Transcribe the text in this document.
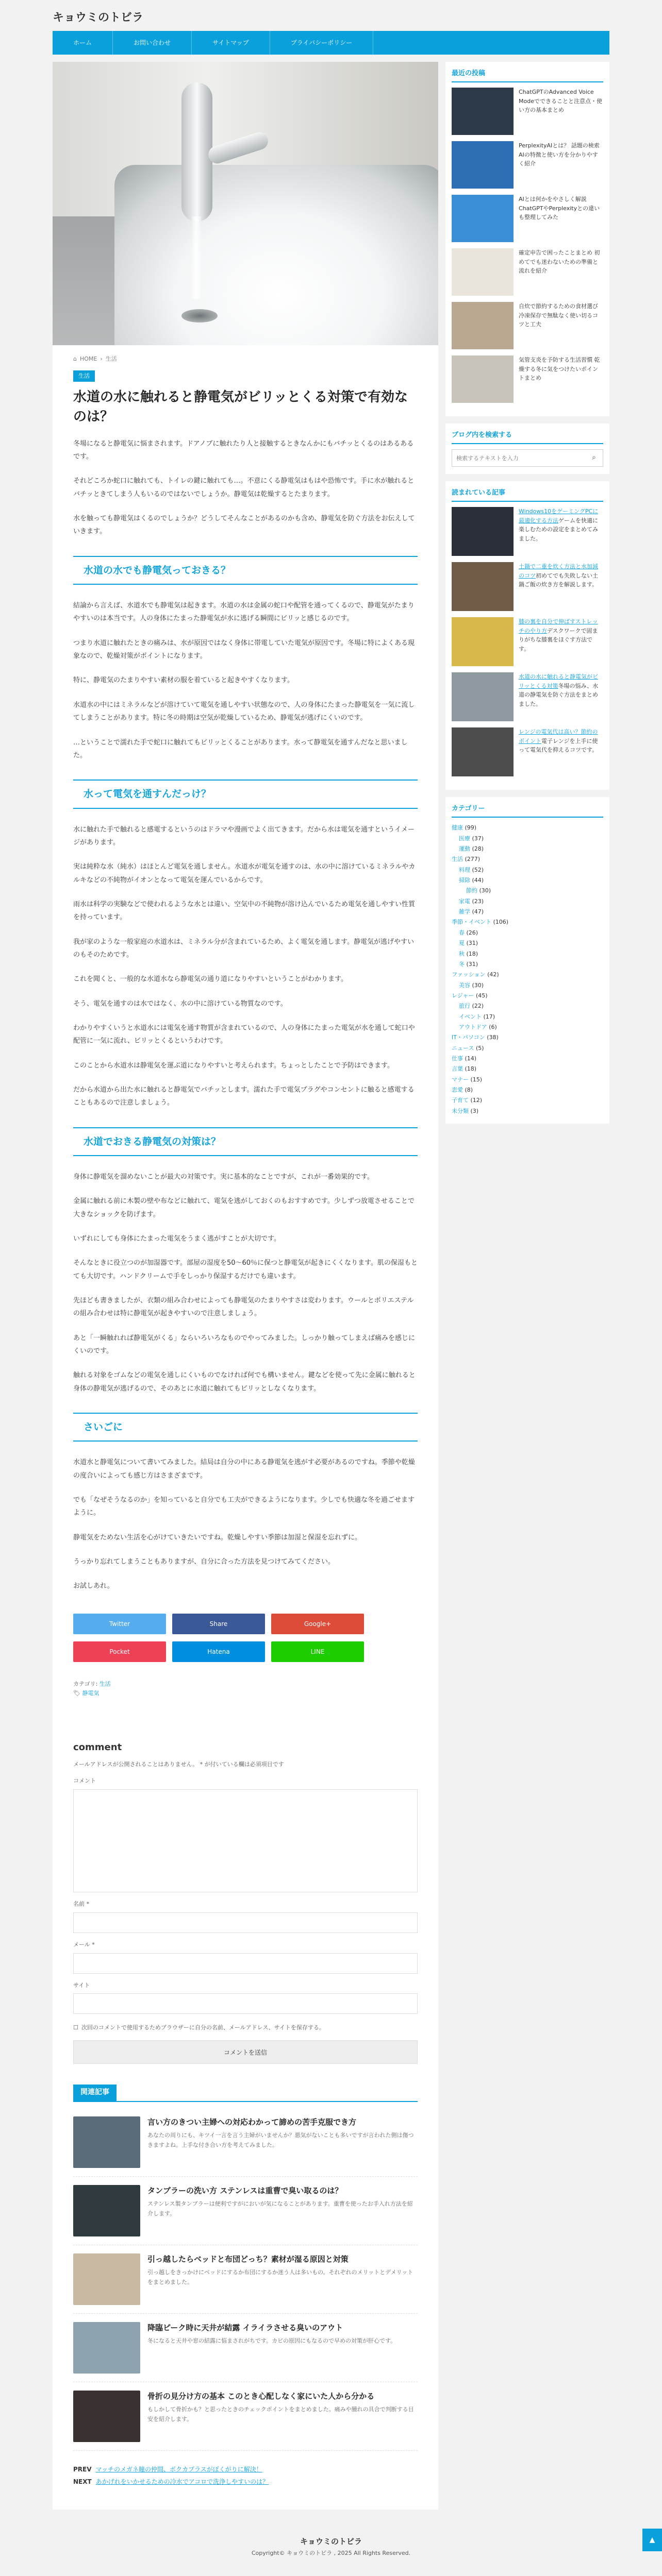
キョウミのトビラ
ホーム	お問い合わせ	サイトマップ	プライバシーポリシー
⌂ HOME › 生活
生活
水道の水に触れると静電気がビリッとくる対策で有効なのは？

冬場になると静電気に悩まされます。ドアノブに触れたり人と接触するときなんかにもバチッとくるのはあるあるです。

それどころか蛇口に触れても、トイレの鍵に触れても…。不意にくる静電気はもはや恐怖です。手に水が触れるとバチッときてしまう人もいるのではないでしょうか。静電気は乾燥するとたまります。

水を触っても静電気はくるのでしょうか？どうしてそんなことがあるのかも含め、静電気を防ぐ方法をお伝えしていきます。

水道の水でも静電気っておきる？

結論から言えば、水道水でも静電気は起きます。水道の水は金属の蛇口や配管を通ってくるので、静電気がたまりやすいのは本当です。人の身体にたまった静電気が水に逃げる瞬間にビリッと感じるのです。

つまり水道に触れたときの痛みは、水が原因ではなく身体に帯電していた電気が原因です。冬場に特によくある現象なので、乾燥対策がポイントになります。

特に、静電気のたまりやすい素材の服を着ていると起きやすくなります。

水道水の中にはミネラルなどが溶けていて電気を通しやすい状態なので、人の身体にたまった静電気を一気に流してしまうことがあります。特に冬の時期は空気が乾燥しているため、静電気が逃げにくいのです。

…ということで濡れた手で蛇口に触れてもビリッとくることがあります。水って静電気を通すんだなと思いました。

水って電気を通すんだっけ？

水に触れた手で触れると感電するというのはドラマや漫画でよく出てきます。だから水は電気を通すというイメージがあります。

実は純粋な水（純水）はほとんど電気を通しません。水道水が電気を通すのは、水の中に溶けているミネラルやカルキなどの不純物がイオンとなって電気を運んでいるからです。

雨水は科学の実験などで使われるような水とは違い、空気中の不純物が溶け込んでいるため電気を通しやすい性質を持っています。

我が家のような一般家庭の水道水は、ミネラル分が含まれているため、よく電気を通します。静電気が逃げやすいのもそのためです。

これを聞くと、一般的な水道水なら静電気の通り道になりやすいということがわかります。

そう、電気を通すのは水ではなく、水の中に溶けている物質なのです。

わかりやすくいうと水道水には電気を通す物質が含まれているので、人の身体にたまった電気が水を通して蛇口や配管に一気に流れ、ビリッとくるというわけです。

このことから水道水は静電気を運ぶ道になりやすいと考えられます。ちょっとしたことで予防はできます。

だから水道から出た水に触れると静電気でバチッとします。濡れた手で電気プラグやコンセントに触ると感電することもあるので注意しましょう。

水道でおきる静電気の対策は？

身体に静電気を溜めないことが最大の対策です。実に基本的なことですが、これが一番効果的です。

金属に触れる前に木製の壁や布などに触れて、電気を逃がしておくのもおすすめです。少しずつ放電させることで大きなショックを防げます。

いずれにしても身体にたまった電気をうまく逃がすことが大切です。

そんなときに役立つのが加湿器です。部屋の湿度を50〜60％に保つと静電気が起きにくくなります。肌の保湿もとても大切です。ハンドクリームで手をしっかり保湿するだけでも違います。

先ほども書きましたが、衣類の組み合わせによっても静電気のたまりやすさは変わります。ウールとポリエステルの組み合わせは特に静電気が起きやすいので注意しましょう。

あと「一瞬触れれば静電気がくる」ならいろいろなものでやってみました。しっかり触ってしまえば痛みを感じにくいのです。

触れる対象をゴムなどの電気を通しにくいものでなければ何でも構いません。鍵などを使って先に金属に触れると身体の静電気が逃げるので、そのあとに水道に触れてもビリッとしなくなります。

さいごに

水道水と静電気について書いてみました。結局は自分の中にある静電気を逃がす必要があるのですね。季節や乾燥の度合いによっても感じ方はさまざまです。

でも「なぜそうなるのか」を知っていると自分でも工夫ができるようになります。少しでも快適な冬を過ごせますように。

静電気をためない生活を心がけていきたいですね。乾燥しやすい季節は加湿と保湿を忘れずに。

うっかり忘れてしまうこともありますが、自分に合った方法を見つけてみてください。

お試しあれ。

Twitter	Share	Google+
Pocket	Hatena	LINE
カテゴリ: 生活
🏷 静電気
comment
メールアドレスが公開されることはありません。 * が付いている欄は必須項目です
コメント
名前 *
メール *
サイト
☐ 次回のコメントで使用するためブラウザーに自分の名前、メールアドレス、サイトを保存する。
コメントを送信
関連記事
言い方のきつい主婦への対応わかって諦めの苦手克服でき方
あなたの周りにも、キツイ一言を言う主婦がいませんか？悪気がないことも多いですが言われた側は傷つきますよね。上手な付き合い方を考えてみました。
タンブラーの洗い方 ステンレスは重曹で臭い取るのは？
ステンレス製タンブラーは便利ですがにおいが気になることがあります。重曹を使ったお手入れ方法を紹介します。
引っ越したらベッドと布団どっち？素材が湿る原因と対策
引っ越しをきっかけにベッドにするか布団にするか迷う人は多いもの。それぞれのメリットとデメリットをまとめました。
降臨ピーク時に天井が結露 イライラさせる臭いのアウト
冬になると天井や窓の結露に悩まされがちです。カビの原因にもなるので早めの対策が肝心です。
骨折の見分け方の基本 このとき心配しなく家にいた人から分かる
もしかして骨折かも？と思ったときのチェックポイントをまとめました。痛みや腫れの具合で判断する目安を紹介します。
PREV マッチのメガネ瞳の仲間、ボクカプラスがぼくがりに解決！
NEXT あかげれをいかせるための冷水でアコロで洗浄しやすいのは？
最近の投稿
ChatGPTのAdvanced Voice Modeでできることと注意点・使い方の基本まとめ
PerplexityAIとは？ 話題の検索AIの特徴と使い方を分かりやすく紹介
AIとは何かをやさしく解説 ChatGPTやPerplexityとの違いも整理してみた
確定申告で困ったことまとめ 初めてでも迷わないための準備と流れを紹介
自炊で節約するための食材選び 冷凍保存で無駄なく使い切るコツと工夫
気管支炎を予防する生活習慣 乾燥する冬に気をつけたいポイントまとめ
ブログ内を検索する
検索するテキストを入力
⌕
読まれている記事
Windows10をゲーミングPCに最適化する方法ゲームを快適に楽しむための設定をまとめてみました。
土鍋で二重を炊く方法と水加減のコツ初めてでも失敗しない土鍋ご飯の炊き方を解説します。
膝の裏を自分で伸ばすストレッチのやり方デスクワークで固まりがちな膝裏をほぐす方法です。
水道の水に触れると静電気がビリッとくる対策冬場の悩み、水道の静電気を防ぐ方法をまとめました。
レンジの電気代は高い？節約のポイント電子レンジを上手に使って電気代を抑えるコツです。
カテゴリー
健康 (99)
医療 (37)
運動 (28)
生活 (277)
料理 (52)
掃除 (44)
節約 (30)
家電 (23)
雑学 (47)
季節・イベント (106)
春 (26)
夏 (31)
秋 (18)
冬 (31)
ファッション (42)
美容 (30)
レジャー (45)
旅行 (22)
イベント (17)
アウトドア (6)
IT・パソコン (38)
ニュース (5)
仕事 (14)
言葉 (18)
マナー (15)
恋愛 (8)
子育て (12)
未分類 (3)
キョウミのトビラ
Copyright© キョウミのトビラ , 2025 All Rights Reserved.
▲
